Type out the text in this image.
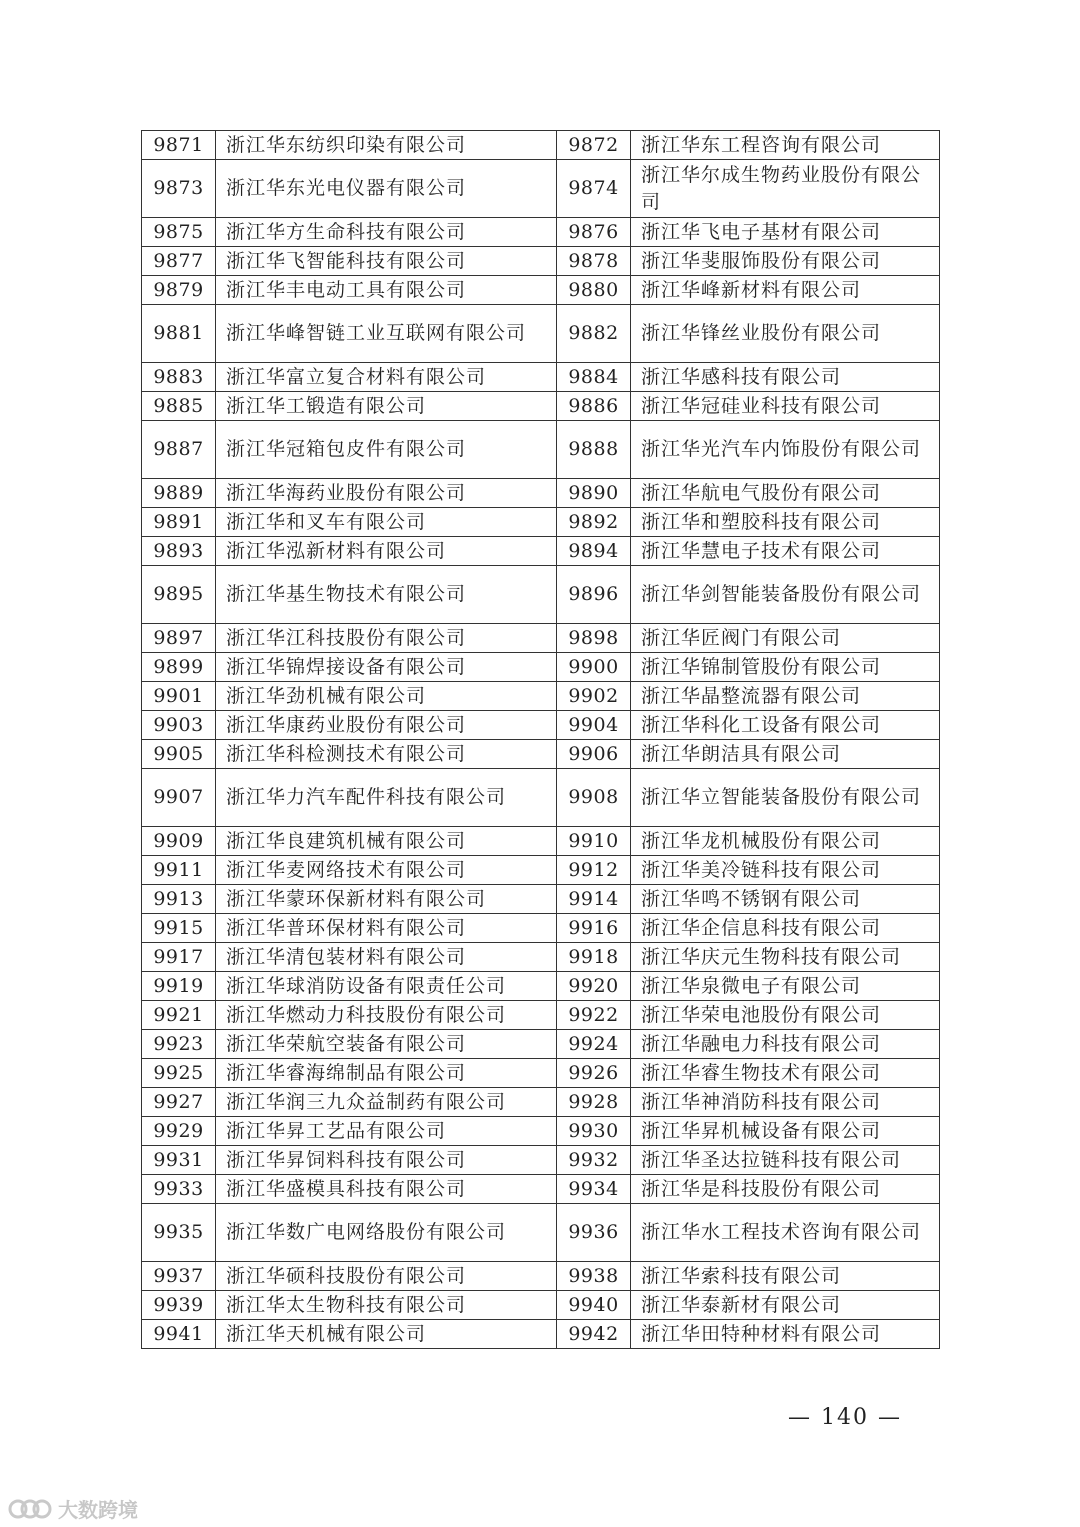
9871	浙江华东纺织印染有限公司	9872	浙江华东工程咨询有限公司
9873	浙江华东光电仪器有限公司	9874	浙江华尔成生物药业股份有限公司
9875	浙江华方生命科技有限公司	9876	浙江华飞电子基材有限公司
9877	浙江华飞智能科技有限公司	9878	浙江华斐服饰股份有限公司
9879	浙江华丰电动工具有限公司	9880	浙江华峰新材料有限公司
9881	浙江华峰智链工业互联网有限公司	9882	浙江华锋丝业股份有限公司
9883	浙江华富立复合材料有限公司	9884	浙江华感科技有限公司
9885	浙江华工锻造有限公司	9886	浙江华冠硅业科技有限公司
9887	浙江华冠箱包皮件有限公司	9888	浙江华光汽车内饰股份有限公司
9889	浙江华海药业股份有限公司	9890	浙江华航电气股份有限公司
9891	浙江华和叉车有限公司	9892	浙江华和塑胶科技有限公司
9893	浙江华泓新材料有限公司	9894	浙江华慧电子技术有限公司
9895	浙江华基生物技术有限公司	9896	浙江华剑智能装备股份有限公司
9897	浙江华江科技股份有限公司	9898	浙江华匠阀门有限公司
9899	浙江华锦焊接设备有限公司	9900	浙江华锦制管股份有限公司
9901	浙江华劲机械有限公司	9902	浙江华晶整流器有限公司
9903	浙江华康药业股份有限公司	9904	浙江华科化工设备有限公司
9905	浙江华科检测技术有限公司	9906	浙江华朗洁具有限公司
9907	浙江华力汽车配件科技有限公司	9908	浙江华立智能装备股份有限公司
9909	浙江华良建筑机械有限公司	9910	浙江华龙机械股份有限公司
9911	浙江华麦网络技术有限公司	9912	浙江华美冷链科技有限公司
9913	浙江华蒙环保新材料有限公司	9914	浙江华鸣不锈钢有限公司
9915	浙江华普环保材料有限公司	9916	浙江华企信息科技有限公司
9917	浙江华清包装材料有限公司	9918	浙江华庆元生物科技有限公司
9919	浙江华球消防设备有限责任公司	9920	浙江华泉微电子有限公司
9921	浙江华燃动力科技股份有限公司	9922	浙江华荣电池股份有限公司
9923	浙江华荣航空装备有限公司	9924	浙江华融电力科技有限公司
9925	浙江华睿海绵制品有限公司	9926	浙江华睿生物技术有限公司
9927	浙江华润三九众益制药有限公司	9928	浙江华神消防科技有限公司
9929	浙江华昇工艺品有限公司	9930	浙江华昇机械设备有限公司
9931	浙江华昇饲料科技有限公司	9932	浙江华圣达拉链科技有限公司
9933	浙江华盛模具科技有限公司	9934	浙江华是科技股份有限公司
9935	浙江华数广电网络股份有限公司	9936	浙江华水工程技术咨询有限公司
9937	浙江华硕科技股份有限公司	9938	浙江华索科技有限公司
9939	浙江华太生物科技有限公司	9940	浙江华泰新材有限公司
9941	浙江华天机械有限公司	9942	浙江华田特种材料有限公司
— 140 —
大数跨境
